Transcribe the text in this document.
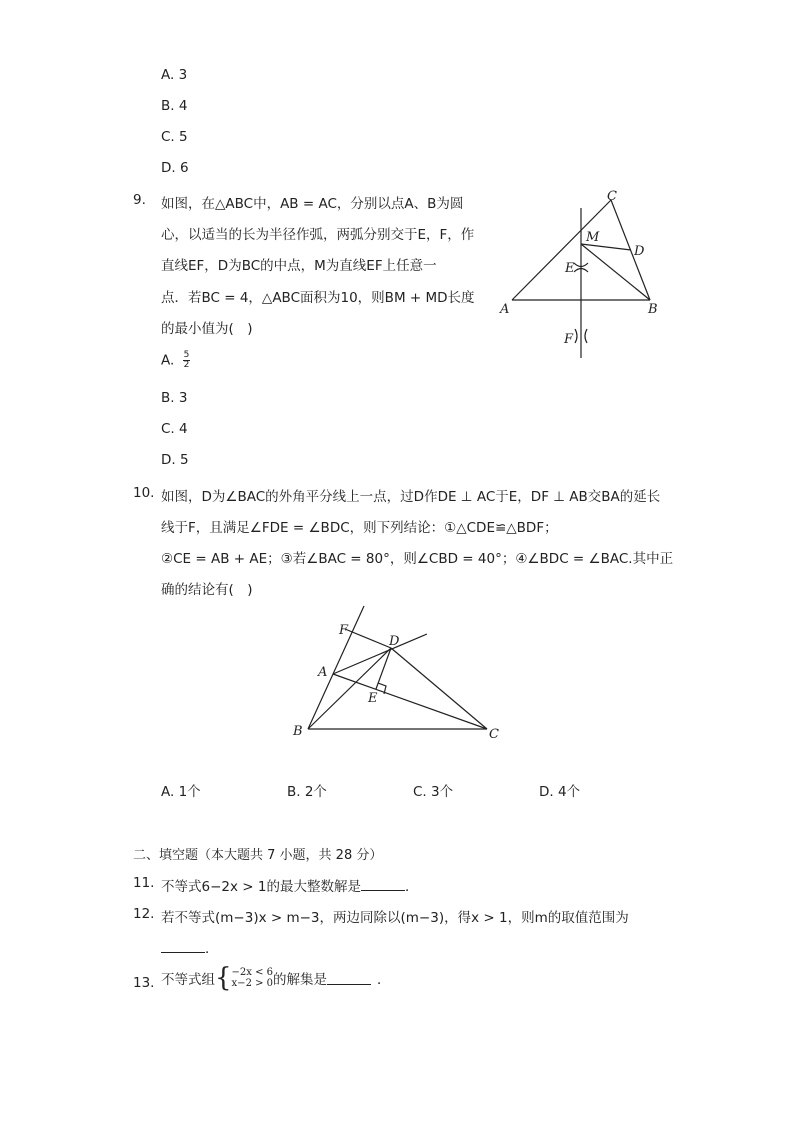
A. 3
B. 4
C. 5
D. 6
9. 如图，在△ABC中，AB = AC，分别以点A、B为圆
心，以适当的长为半径作弧，两弧分别交于E，F，作
直线EF，D为BC的中点，M为直线EF上任意一
点．若BC = 4，△ABC面积为10，则BM + MD长度
的最小值为(　)
A. $\frac{5}{2}$
B. 3
C. 4
D. 5
A	B
C
D
M
E
F
10. 如图，D为∠BAC的外角平分线上一点，过D作DE ⊥ AC于E，DF ⊥ AB交BA的延长
线于F，且满足∠FDE = ∠BDC，则下列结论：①△CDE≌△BDF；
②CE = AB + AE；③若∠BAC = 80°，则∠CBD = 40°；④∠BDC = ∠BAC.其中正
确的结论有(　)
F
D
A
E
B	C
A. 1个	B. 2个	C. 3个	D. 4个
二、填空题（本大题共 7 小题，共 28 分）
11. 不等式6−2x > 1的最大整数解是	．
12. 若不等式(m−3)x > m−3，两边同除以(m−3)，得x > 1，则m的取值范围为
．
13. 不等式组{ −2x < 6
x−2 > 0 的解集是	．
